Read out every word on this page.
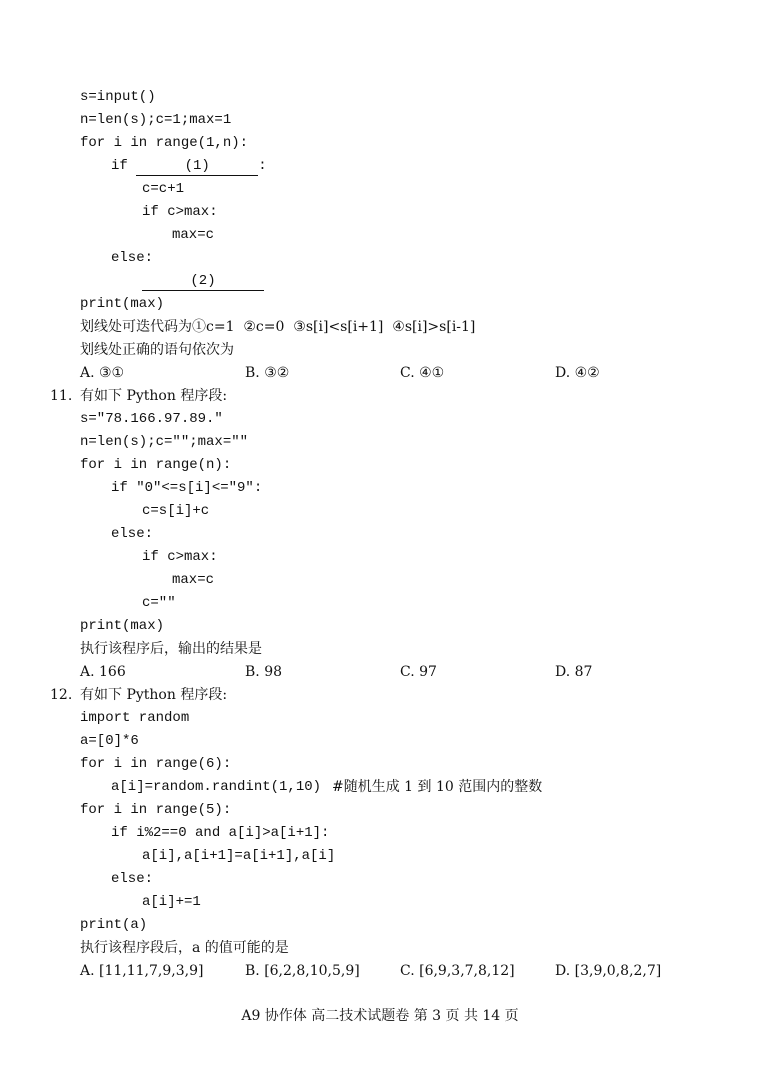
s=input()
n=len(s);c=1;max=1
for i in range(1,n):
if	(1)	:
c=c+1
if c>max:
max=c
else:
(2)
print(max)
划线处可迭代码为①c=1  ②c=0  ③s[i]<s[i+1]  ④s[i]>s[i-1]
划线处正确的语句依次为
A. ③①	B. ③②	C. ④①	D. ④②
11. 有如下 Python 程序段:
s="78.166.97.89."
n=len(s);c="";max=""
for i in range(n):
if "0"<=s[i]<="9":
c=s[i]+c
else:
if c>max:
max=c
c=""
print(max)
执行该程序后，输出的结果是
A. 166	B. 98	C. 97	D. 87
12. 有如下 Python 程序段:
import random
a=[0]*6
for i in range(6):
a[i]=random.randint(1,10) #随机生成 1 到 10 范围内的整数
for i in range(5):
if i%2==0 and a[i]>a[i+1]:
a[i],a[i+1]=a[i+1],a[i]
else:
a[i]+=1
print(a)
执行该程序段后，a 的值可能的是
A. [11,11,7,9,3,9]	B. [6,2,8,10,5,9]	C. [6,9,3,7,8,12]	D. [3,9,0,8,2,7]
A9 协作体 高二技术试题卷 第 3 页 共 14 页
